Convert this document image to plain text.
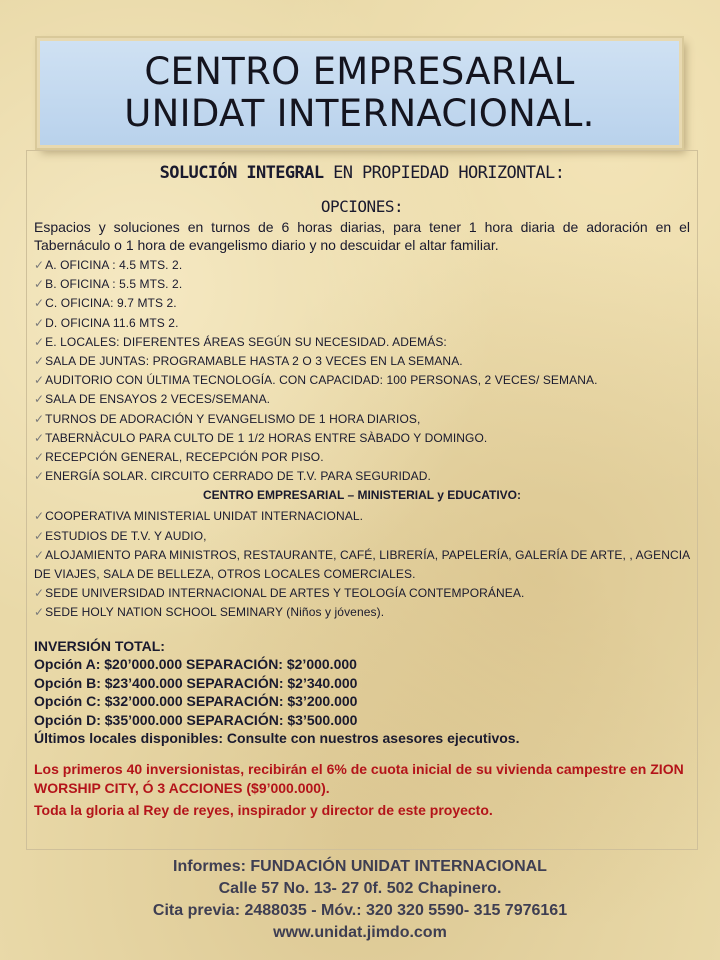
CENTRO EMPRESARIAL
UNIDAT INTERNACIONAL.
SOLUCIÓN INTEGRAL EN PROPIEDAD HORIZONTAL:
OPCIONES:
Espacios y soluciones en turnos de 6 horas diarias, para tener 1 hora diaria de adoración en el Tabernáculo o 1 hora de evangelismo diario y no descuidar el altar familiar.
✓A. OFICINA : 4.5 MTS. 2.
✓B. OFICINA : 5.5 MTS. 2.
✓C. OFICINA: 9.7 MTS 2.
✓D. OFICINA 11.6 MTS 2.
✓E. LOCALES: DIFERENTES ÁREAS SEGÚN SU NECESIDAD. ADEMÁS:
✓SALA DE JUNTAS: PROGRAMABLE HASTA 2 O 3 VECES EN LA SEMANA.
✓AUDITORIO CON ÚLTIMA TECNOLOGÍA. CON CAPACIDAD: 100 PERSONAS, 2 VECES/ SEMANA.
✓SALA DE ENSAYOS 2 VECES/SEMANA.
✓TURNOS DE ADORACIÓN Y EVANGELISMO DE 1 HORA DIARIOS,
✓TABERNÀCULO PARA CULTO DE 1 1/2 HORAS ENTRE SÀBADO Y DOMINGO.
✓RECEPCIÓN GENERAL, RECEPCIÓN POR PISO.
✓ENERGÍA SOLAR. CIRCUITO CERRADO DE T.V. PARA SEGURIDAD.
CENTRO EMPRESARIAL – MINISTERIAL y EDUCATIVO:
✓COOPERATIVA MINISTERIAL UNIDAT INTERNACIONAL.
✓ESTUDIOS DE T.V. Y AUDIO,
✓ALOJAMIENTO PARA MINISTROS, RESTAURANTE, CAFÉ, LIBRERÍA, PAPELERÍA, GALERÍA DE ARTE, , AGENCIA DE VIAJES, SALA DE BELLEZA, OTROS LOCALES COMERCIALES.
✓SEDE UNIVERSIDAD INTERNACIONAL DE ARTES Y TEOLOGÍA CONTEMPORÁNEA.
✓SEDE HOLY NATION SCHOOL SEMINARY (Niños y jóvenes).
INVERSIÓN TOTAL:
Opción A: $20’000.000 SEPARACIÓN: $2’000.000
Opción B: $23’400.000 SEPARACIÓN: $2’340.000
Opción C: $32’000.000 SEPARACIÓN: $3’200.000
Opción D: $35’000.000 SEPARACIÓN: $3’500.000
Últimos locales disponibles: Consulte con nuestros asesores ejecutivos.
Los primeros 40 inversionistas, recibirán el 6% de cuota inicial de su vivienda campestre en ZION WORSHIP CITY, Ó 3 ACCIONES ($9’000.000).
Toda la gloria al Rey de reyes, inspirador y director de este proyecto.
Informes: FUNDACIÓN UNIDAT INTERNACIONAL
Calle 57 No. 13- 27 0f. 502 Chapinero.
Cita previa: 2488035 - Móv.: 320 320 5590- 315 7976161
www.unidat.jimdo.com
